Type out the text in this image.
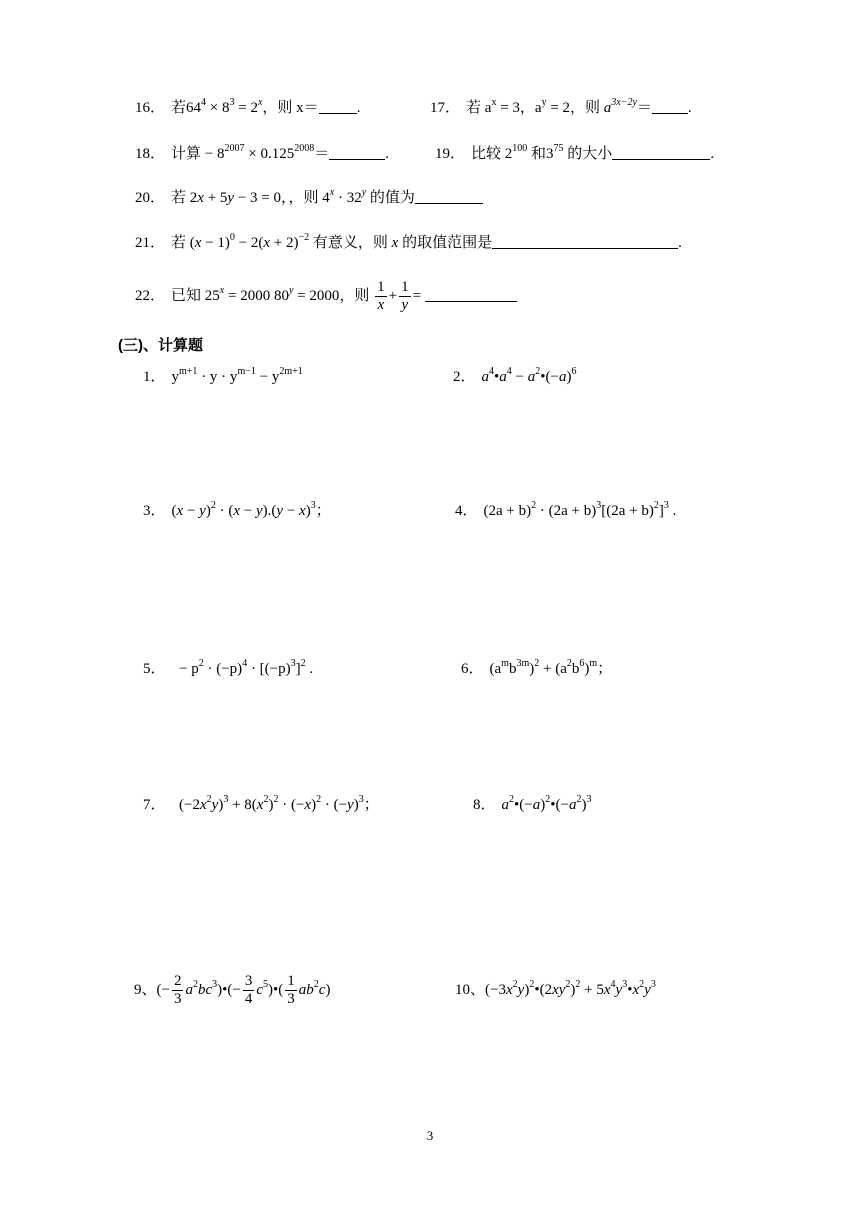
16． 若$64^4 \times 8^3 = 2^x$，则 x＝	.	17． 若 $a^x = 3$，$a^y = 2$，则 $a^{3x-2y}=$ .
18． 计算 − $8^{2007} \times 0.125^{2008}=$	.	19． 比较 $2^{100}$ 和$3^{75}$ 的大小	.
20． 若 2x + 5y − 3 = 0，，则 $4^x \cdot 32^y$ 的值为
21． 若 $(x - 1)^0 - 2(x + 2)^{-2}$ 有意义，则 x 的取值范围是	.
22． 已知 $25^x = 2000$ $80^y = 2000$，则 $\frac{1}{x} + \frac{1}{y}$ =
(三)、计算题
1． $y^{m+1} \cdot y \cdot y^{m-1} - y^{2m+1}$	2． $a^4•a^4$ − $a^2•(-a)^6$
3． $(x - y)^2 \cdot (x - y).(y - x)^3$；	4． $(2a + b)^2 \cdot (2a + b)^3[(2a + b)^2]^3$ .
5．  − $p^2 \cdot (-p)^4 \cdot [(-p)^3]^2$ .	6． $(a^mb^{3m})^2 + (a^2b^6)^m$；
7．  $(-2x^2y)^3 + 8(x^2)^2 \cdot (-x)^2 \cdot (-y)^3$；	8． $a^2•(-a)^2•(-a^2)^3$
9、(− $\frac{2}{3}$ $a^2bc^3)•(- \frac{3}{4}$ $c^5)•( \frac{1}{3} ab^2c)$	10、$(-3x^2y)^2•(2xy^2)^2$ + $5x^4y^3•x^2y^3$
3
